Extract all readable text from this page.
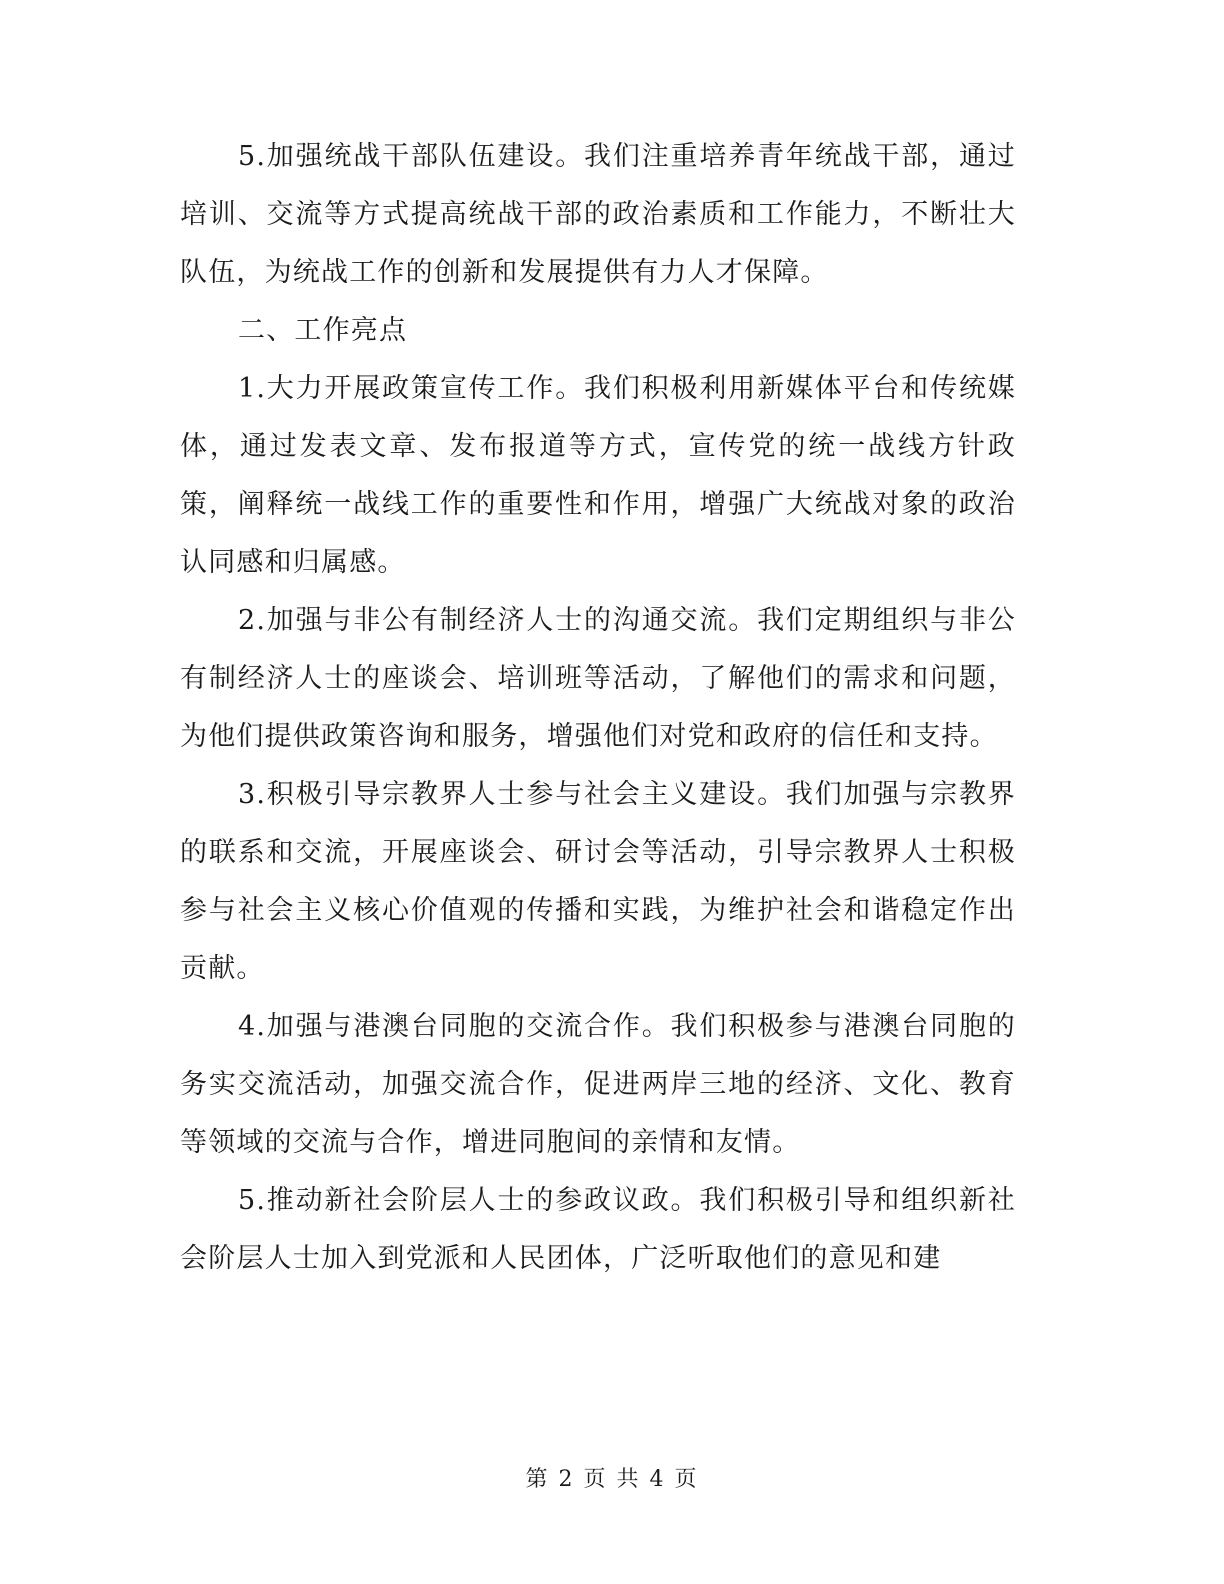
5.加强统战干部队伍建设。我们注重培养青年统战干部，通过培训、交流等方式提高统战干部的政治素质和工作能力，不断壮大队伍，为统战工作的创新和发展提供有力人才保障。

二、工作亮点

1.大力开展政策宣传工作。我们积极利用新媒体平台和传统媒体，通过发表文章、发布报道等方式，宣传党的统一战线方针政策，阐释统一战线工作的重要性和作用，增强广大统战对象的政治认同感和归属感。

2.加强与非公有制经济人士的沟通交流。我们定期组织与非公有制经济人士的座谈会、培训班等活动，了解他们的需求和问题，为他们提供政策咨询和服务，增强他们对党和政府的信任和支持。

3.积极引导宗教界人士参与社会主义建设。我们加强与宗教界的联系和交流，开展座谈会、研讨会等活动，引导宗教界人士积极参与社会主义核心价值观的传播和实践，为维护社会和谐稳定作出贡献。

4.加强与港澳台同胞的交流合作。我们积极参与港澳台同胞的务实交流活动，加强交流合作，促进两岸三地的经济、文化、教育等领域的交流与合作，增进同胞间的亲情和友情。

5.推动新社会阶层人士的参政议政。我们积极引导和组织新社会阶层人士加入到党派和人民团体，广泛听取他们的意见和建

第 2 页 共 4 页
